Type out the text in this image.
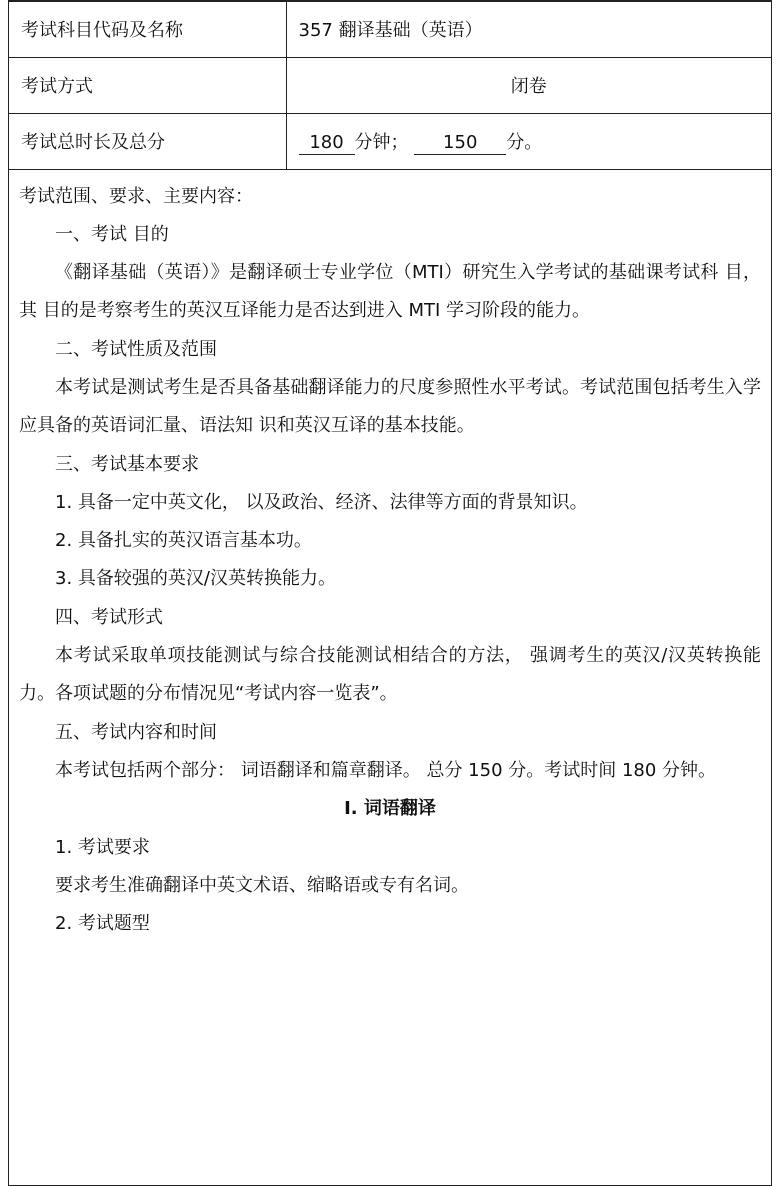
考试科目代码及名称	357 翻译基础（英语）
考试方式	闭卷
考试总时长及总分	180 分钟； 150 分。
考试范围、要求、主要内容：
一、考试 目的
《翻译基础（英语）》是翻译硕士专业学位（MTI）研究生入学考试的基础课考试科 目，其 目的是考察考生的英汉互译能力是否达到进入 MTI 学习阶段的能力。
二、考试性质及范围
本考试是测试考生是否具备基础翻译能力的尺度参照性水平考试。考试范围包括考生入学应具备的英语词汇量、语法知 识和英汉互译的基本技能。
三、考试基本要求
1. 具备一定中英文化， 以及政治、经济、法律等方面的背景知识。
2. 具备扎实的英汉语言基本功。
3. 具备较强的英汉/汉英转换能力。
四、考试形式
本考试采取单项技能测试与综合技能测试相结合的方法， 强调考生的英汉/汉英转换能力。各项试题的分布情况见“考试内容一览表”。
五、考试内容和时间
本考试包括两个部分： 词语翻译和篇章翻译。 总分 150 分。考试时间 180 分钟。
I. 词语翻译
1. 考试要求
要求考生准确翻译中英文术语、缩略语或专有名词。
2. 考试题型
